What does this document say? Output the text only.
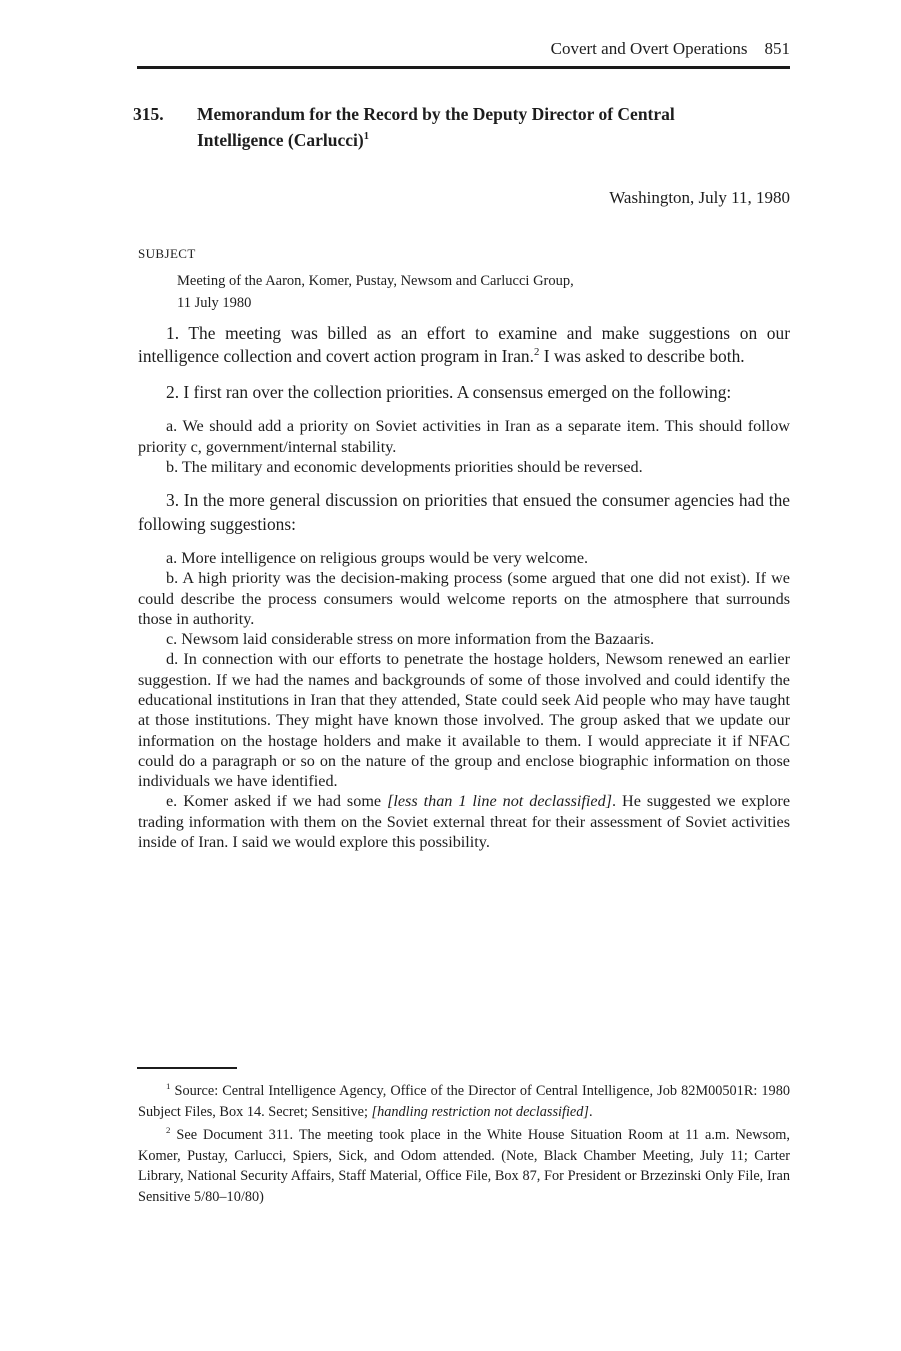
Covert and Overt Operations 851
315.	Memorandum for the Record by the Deputy Director of Central Intelligence (Carlucci)$^1$
Washington, July 11, 1980
SUBJECT
Meeting of the Aaron, Komer, Pustay, Newsom and Carlucci Group,
11 July 1980

1. The meeting was billed as an effort to examine and make suggestions on our intelligence collection and covert action program in Iran.$^2$ I was asked to describe both.

2. I first ran over the collection priorities. A consensus emerged on the following:

a. We should add a priority on Soviet activities in Iran as a separate item. This should follow priority c, government/internal stability.

b. The military and economic developments priorities should be reversed.

3. In the more general discussion on priorities that ensued the consumer agencies had the following suggestions:

a. More intelligence on religious groups would be very welcome.

b. A high priority was the decision-making process (some argued that one did not exist). If we could describe the process consumers would welcome reports on the atmosphere that surrounds those in authority.

c. Newsom laid considerable stress on more information from the Bazaaris.

d. In connection with our efforts to penetrate the hostage holders, Newsom renewed an earlier suggestion. If we had the names and backgrounds of some of those involved and could identify the educational institutions in Iran that they attended, State could seek Aid people who may have taught at those institutions. They might have known those involved. The group asked that we update our information on the hostage holders and make it available to them. I would appreciate it if NFAC could do a paragraph or so on the nature of the group and enclose biographic information on those individuals we have identified.

e. Komer asked if we had some [less than 1 line not declassified]. He suggested we explore trading information with them on the Soviet external threat for their assessment of Soviet activities inside of Iran. I said we would explore this possibility.

$^1$ Source: Central Intelligence Agency, Office of the Director of Central Intelligence, Job 82M00501R: 1980 Subject Files, Box 14. Secret; Sensitive; [handling restriction not declassified].

$^2$ See Document 311. The meeting took place in the White House Situation Room at 11 a.m. Newsom, Komer, Pustay, Carlucci, Spiers, Sick, and Odom attended. (Note, Black Chamber Meeting, July 11; Carter Library, National Security Affairs, Staff Material, Office File, Box 87, For President or Brzezinski Only File, Iran Sensitive 5/80–10/80)
